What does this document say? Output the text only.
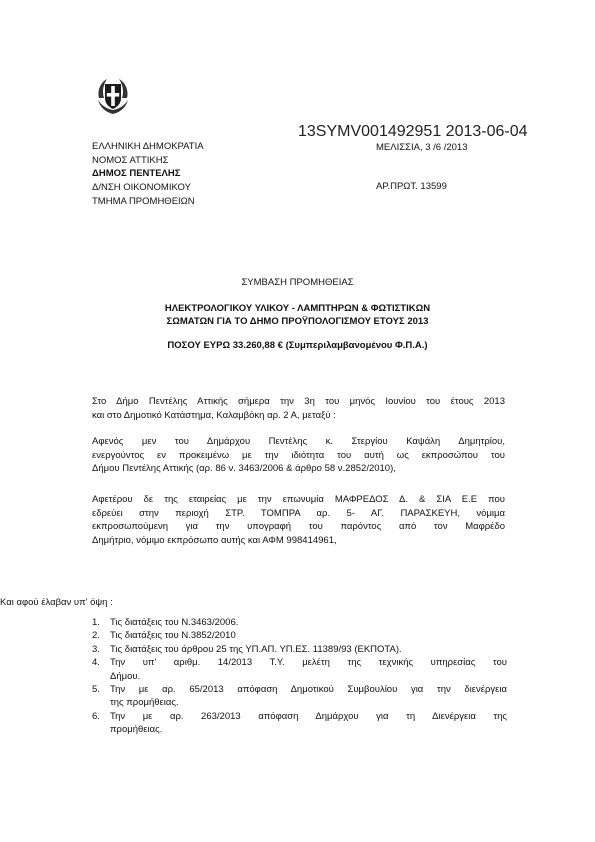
13SYMV001492951 2013-06-04
ΕΛΛΗΝΙΚΗ ΔΗΜΟΚΡΑΤΙΑ
ΝΟΜΟΣ ΑΤΤΙΚΗΣ
ΔΗΜΟΣ ΠΕΝΤΕΛΗΣ
Δ/ΝΣΗ ΟΙΚΟΝΟΜΙΚΟΥ
ΤΜΗΜΑ ΠΡΟΜΗΘΕΙΩΝ
ΜΕΛΙΣΣΙΑ, 3 /6 /2013
ΑΡ.ΠΡΩΤ. 13599
ΣΥΜΒΑΣΗ ΠΡΟΜΗΘΕΙΑΣ
ΗΛΕΚΤΡΟΛΟΓΙΚΟΥ ΥΛΙΚΟΥ - ΛΑΜΠΤΗΡΩΝ & ΦΩΤΙΣΤΙΚΩΝ
ΣΩΜΑΤΩΝ ΓΙΑ ΤΟ ΔΗΜΟ ΠΡΟΫΠΟΛΟΓΙΣΜΟΥ ΕΤΟΥΣ 2013
ΠΟΣΟΥ ΕΥΡΩ 33.260,88 € (Συμπεριλαμβανομένου Φ.Π.Α.)
Στο Δήμο Πεντέλης Αττικής σήμερα την 3η του μηνός Ιουνίου του έτους 2013
και στο Δημοτικό Κατάστημα, Καλαμβόκη αρ. 2 Α, μεταξύ :
Αφενός μεν του Δημάρχου Πεντέλης κ. Στεργίου Καψάλη Δημητρίου,
ενεργούντος εν προκειμένω με την ιδιότητα του αυτή ως εκπροσώπου του
Δήμου Πεντέλης Αττικής (αρ. 86 ν. 3463/2006 & άρθρο 58 ν.2852/2010),
Αφετέρου δε της εταιρείας με την επωνυμία ΜΑΦΡΕΔΟΣ Δ. & ΣΙΑ Ε.Ε που
εδρεύει στην περιοχή ΣΤΡ. ΤΟΜΠΡΑ αρ. 5- ΑΓ. ΠΑΡΑΣΚΕΥΗ, νόμιμα
εκπροσωπούμενη για την υπογραφή του παρόντος από τον Μαφρέδο
Δημήτριο, νόμιμο εκπρόσωπο αυτής και ΑΦΜ 998414961,
Και αφού έλαβαν υπ' όψη :
1. Τις διατάξεις του Ν.3463/2006.
2. Τις διατάξεις του Ν.3852/2010
3. Τις διατάξεις του άρθρου 25 της ΥΠ.ΑΠ. ΥΠ.ΕΣ. 11389/93 (ΕΚΠΟΤΑ).
4. Την υπ' αριθμ. 14/2013 Τ.Υ. μελέτη της τεχνικής υπηρεσίας του
Δήμου.
5. Την με αρ. 65/2013 απόφαση Δημοτικού Συμβουλίου για την διενέργεια
της προμήθειας.
6. Την με αρ. 263/2013 απόφαση Δημάρχου για τη Διενέργεια της
προμήθειας.
